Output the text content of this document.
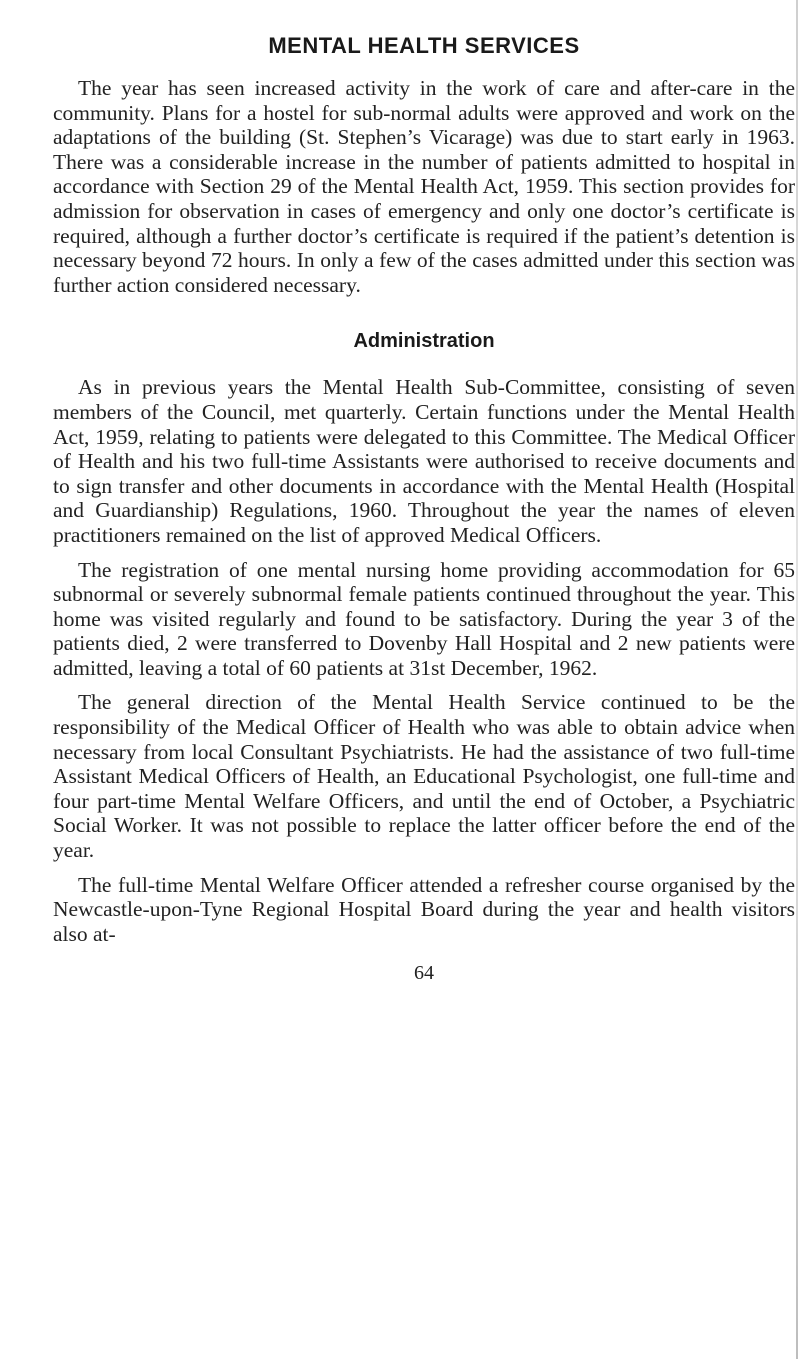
MENTAL HEALTH SERVICES

The year has seen increased activity in the work of care and after-care in the community. Plans for a hostel for sub-normal adults were approved and work on the adaptations of the building (St. Stephen’s Vicarage) was due to start early in 1963. There was a considerable increase in the number of patients admitted to hospital in accordance with Section 29 of the Mental Health Act, 1959. This section provides for admission for observation in cases of emergency and only one doctor’s certificate is required, although a further doctor’s certificate is required if the patient’s detention is necessary beyond 72 hours. In only a few of the cases admitted under this section was further action considered necessary.

Administration

As in previous years the Mental Health Sub-Committee, consisting of seven members of the Council, met quarterly. Certain functions under the Mental Health Act, 1959, relating to patients were delegated to this Committee. The Medical Officer of Health and his two full-time Assistants were authorised to receive documents and to sign transfer and other documents in accordance with the Mental Health (Hospital and Guardianship) Regulations, 1960. Throughout the year the names of eleven practitioners remained on the list of approved Medical Officers.

The registration of one mental nursing home providing accommodation for 65 subnormal or severely subnormal female patients continued throughout the year. This home was visited regularly and found to be satisfactory. During the year 3 of the patients died, 2 were transferred to Dovenby Hall Hospital and 2 new patients were admitted, leaving a total of 60 patients at 31st December, 1962.

The general direction of the Mental Health Service continued to be the responsibility of the Medical Officer of Health who was able to obtain advice when necessary from local Consultant Psychiatrists. He had the assistance of two full-time Assistant Medical Officers of Health, an Educational Psychologist, one full-time and four part-time Mental Welfare Officers, and until the end of October, a Psychiatric Social Worker. It was not possible to replace the latter officer before the end of the year.

The full-time Mental Welfare Officer attended a refresher course organised by the Newcastle-upon-Tyne Regional Hospital Board during the year and health visitors also at-

64
